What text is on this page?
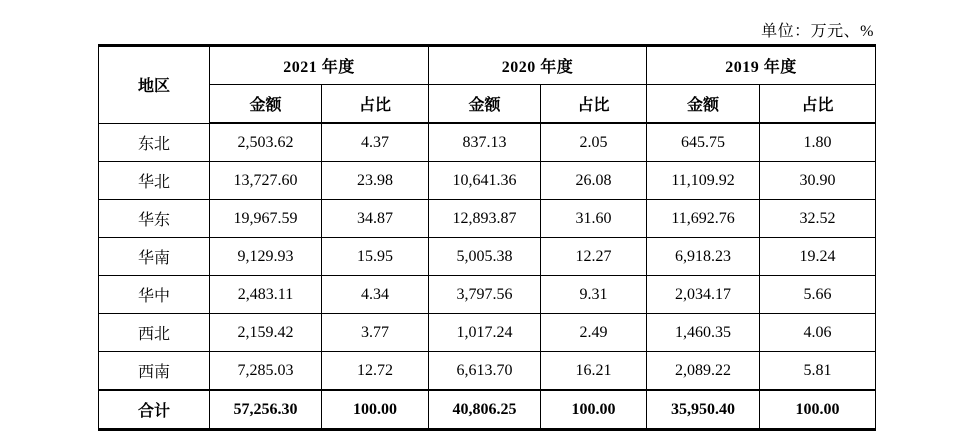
单位：万元、%
地区	2021 年度		2020 年度		2019 年度	
	金额	占比	金额	占比	金额	占比
东北	2,503.62	4.37	837.13	2.05	645.75	1.80
华北	13,727.60	23.98	10,641.36	26.08	11,109.92	30.90
华东	19,967.59	34.87	12,893.87	31.60	11,692.76	32.52
华南	9,129.93	15.95	5,005.38	12.27	6,918.23	19.24
华中	2,483.11	4.34	3,797.56	9.31	2,034.17	5.66
西北	2,159.42	3.77	1,017.24	2.49	1,460.35	4.06
西南	7,285.03	12.72	6,613.70	16.21	2,089.22	5.81
合计	57,256.30	100.00	40,806.25	100.00	35,950.40	100.00
